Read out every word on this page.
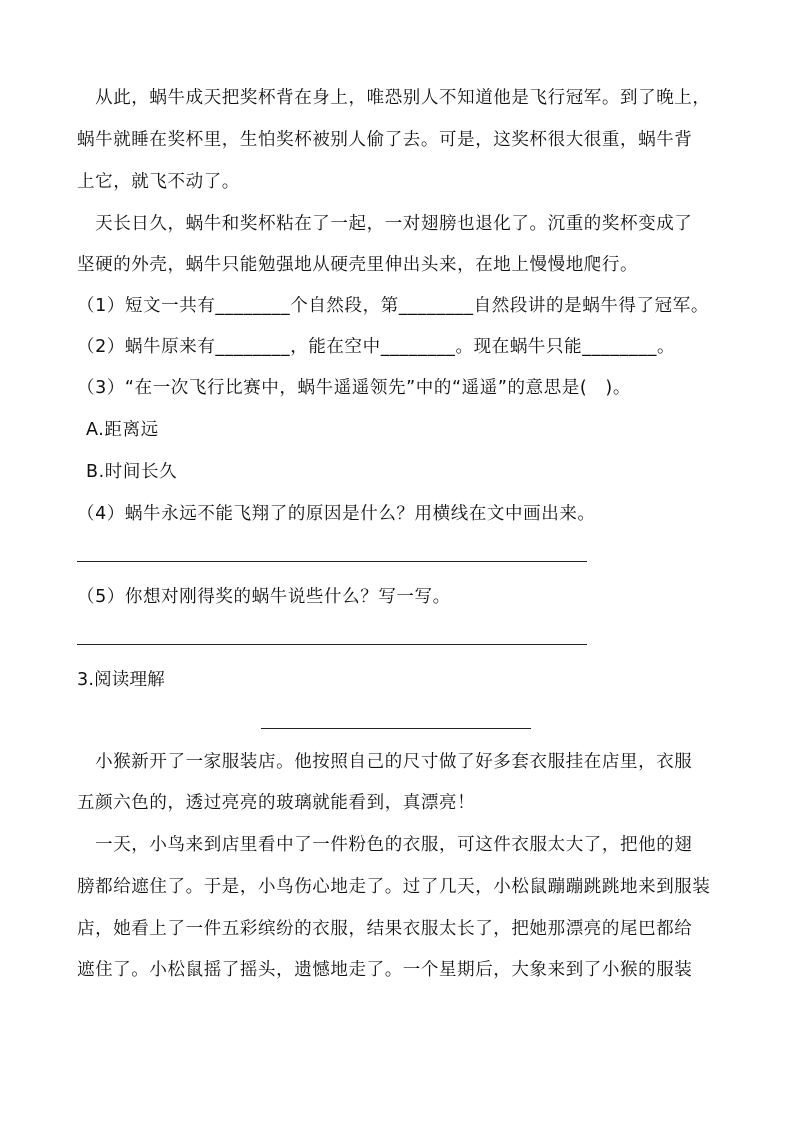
　从此，蜗牛成天把奖杯背在身上，唯恐别人不知道他是飞行冠军。到了晚上，
蜗牛就睡在奖杯里，生怕奖杯被别人偷了去。可是，这奖杯很大很重，蜗牛背
上它，就飞不动了。
　天长日久，蜗牛和奖杯粘在了一起，一对翅膀也退化了。沉重的奖杯变成了
坚硬的外壳，蜗牛只能勉强地从硬壳里伸出头来，在地上慢慢地爬行。
（1）短文一共有________个自然段，第________自然段讲的是蜗牛得了冠军。
（2）蜗牛原来有________，能在空中________。现在蜗牛只能________。
（3）“在一次飞行比赛中，蜗牛遥遥领先”中的“遥遥”的意思是(　)。
A.距离远
B.时间长久
（4）蜗牛永远不能飞翔了的原因是什么？用横线在文中画出来。
（5）你想对刚得奖的蜗牛说些什么？写一写。
3.阅读理解
　小猴新开了一家服装店。他按照自己的尺寸做了好多套衣服挂在店里，衣服
五颜六色的，透过亮亮的玻璃就能看到，真漂亮！
　一天，小鸟来到店里看中了一件粉色的衣服，可这件衣服太大了，把他的翅
膀都给遮住了。于是，小鸟伤心地走了。过了几天，小松鼠蹦蹦跳跳地来到服装
店，她看上了一件五彩缤纷的衣服，结果衣服太长了，把她那漂亮的尾巴都给
遮住了。小松鼠摇了摇头，遗憾地走了。一个星期后，大象来到了小猴的服装
